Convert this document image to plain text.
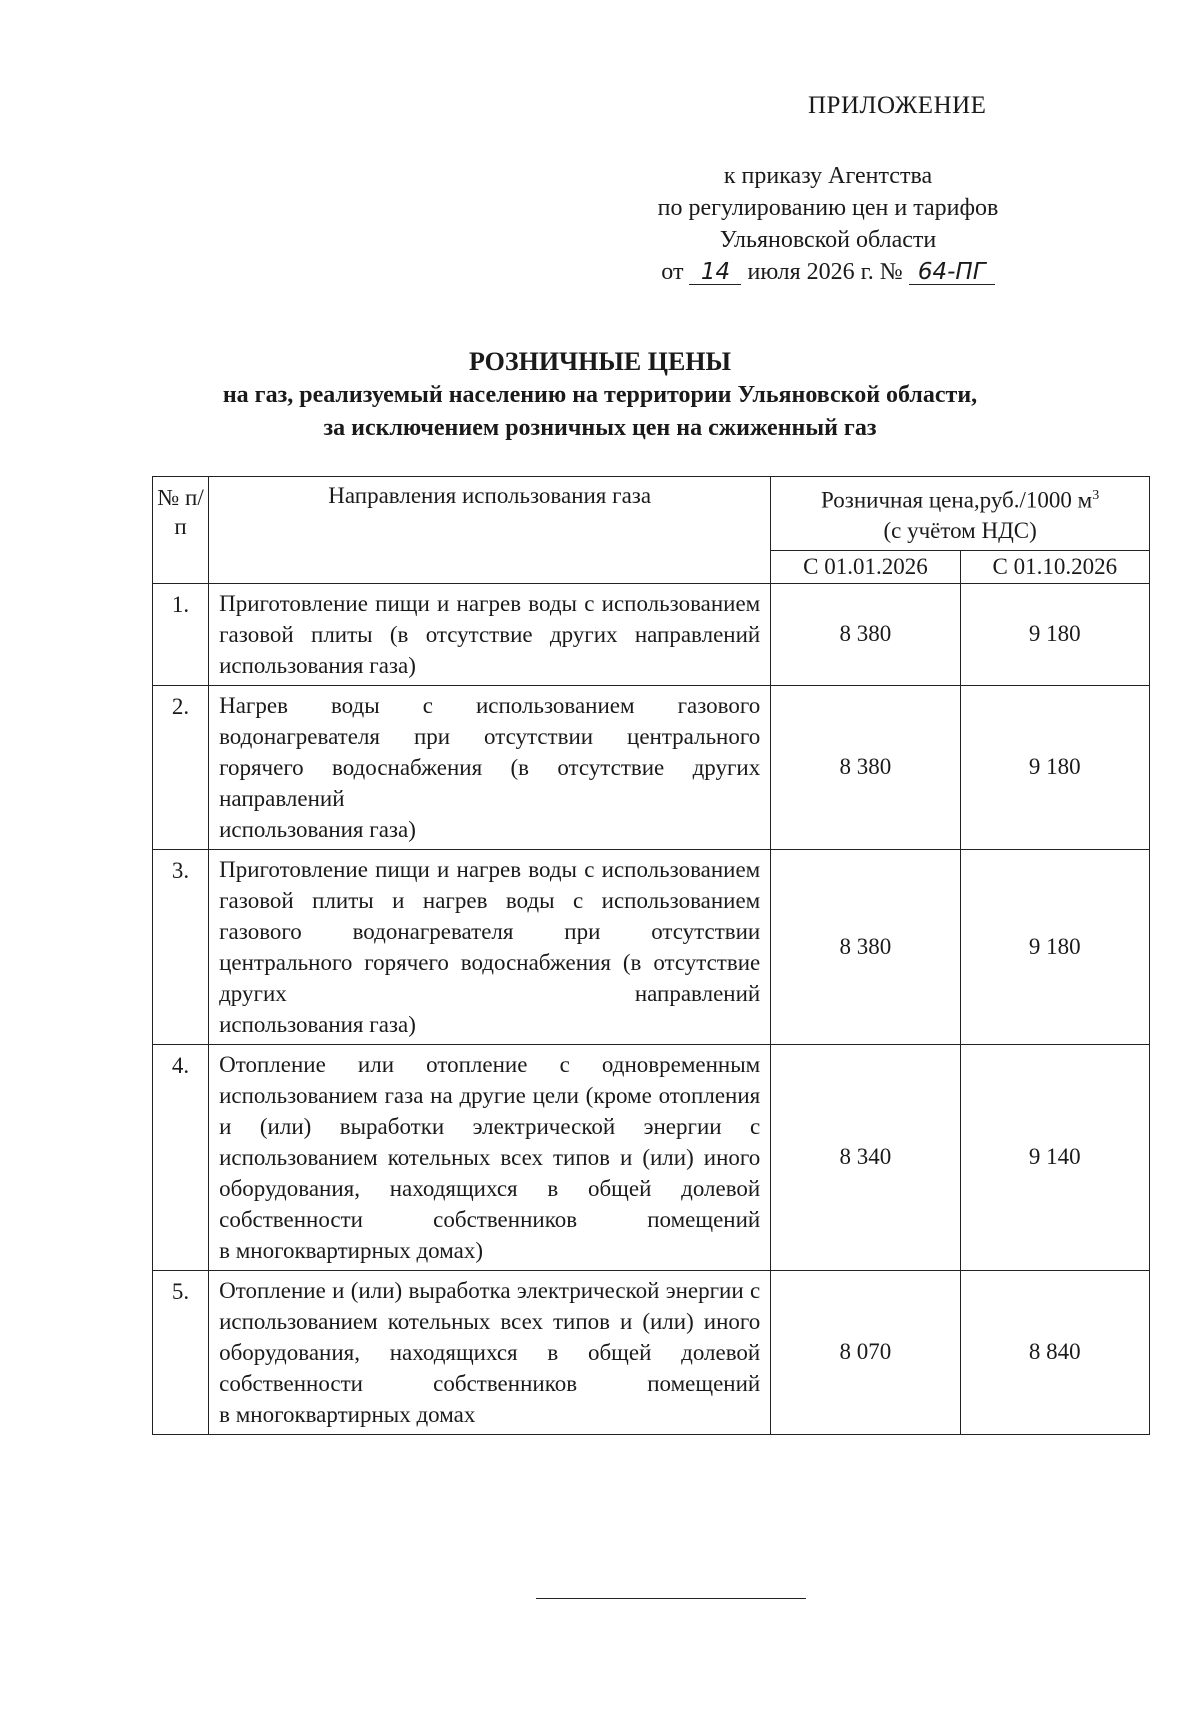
ПРИЛОЖЕНИЕ
к приказу Агентства
по регулированию цен и тарифов
Ульяновской области
от 14 июля 2026 г. № 64-ПГ
РОЗНИЧНЫЕ ЦЕНЫ
на газ, реализуемый населению на территории Ульяновской области,
за исключением розничных цен на сжиженный газ
№ п/п	Направления использования газа	Розничная цена,руб./1000 $м^3$
(с учётом НДС)	
		С 01.01.2026	С 01.10.2026
1.	Приготовление пищи и нагрев воды с использованием газовой плиты (в отсутствие других направлений
использования газа)	8 380	9 180
2.	Нагрев воды с использованием газового водонагревателя при отсутствии центрального горячего водоснабжения (в отсутствие других направлений
использования газа)	8 380	9 180
3.	Приготовление пищи и нагрев воды с использованием газовой плиты и нагрев воды с использованием газового водонагревателя при отсутствии центрального горячего водоснабжения (в отсутствие других направлений
использования газа)	8 380	9 180
4.	Отопление или отопление с одновременным использованием газа на другие цели (кроме отопления и (или) выработки электрической энергии с использованием котельных всех типов и (или) иного оборудования, находящихся в общей долевой собственности собственников помещений
в многоквартирных домах)	8 340	9 140
5.	Отопление и (или) выработка электрической энергии с использованием котельных всех типов и (или) иного оборудования, находящихся в общей долевой собственности собственников помещений
в многоквартирных домах	8 070	8 840
